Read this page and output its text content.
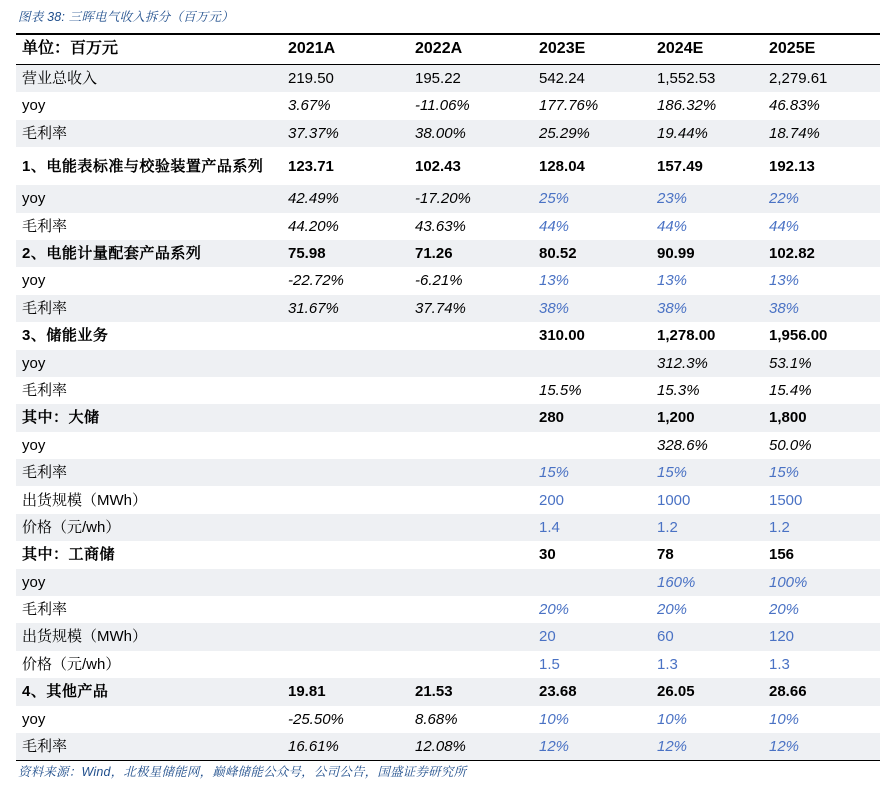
图表 38: 三晖电气收入拆分（百万元）
单位：百万元	2021A	2022A	2023E	2024E	2025E
营业总收入	219.50	195.22	542.24	1,552.53	2,279.61
yoy	3.67%	-11.06%	177.76%	186.32%	46.83%
毛利率	37.37%	38.00%	25.29%	19.44%	18.74%
1、电能表标准与校验装置产品系列	123.71	102.43	128.04	157.49	192.13
yoy	42.49%	-17.20%	25%	23%	22%
毛利率	44.20%	43.63%	44%	44%	44%
2、电能计量配套产品系列	75.98	71.26	80.52	90.99	102.82
yoy	-22.72%	-6.21%	13%	13%	13%
毛利率	31.67%	37.74%	38%	38%	38%
3、储能业务			310.00	1,278.00	1,956.00
yoy				312.3%	53.1%
毛利率			15.5%	15.3%	15.4%
其中：大储			280	1,200	1,800
yoy				328.6%	50.0%
毛利率			15%	15%	15%
出货规模（MWh）			200	1000	1500
价格（元/wh）			1.4	1.2	1.2
其中：工商储			30	78	156
yoy				160%	100%
毛利率			20%	20%	20%
出货规模（MWh）			20	60	120
价格（元/wh）			1.5	1.3	1.3
4、其他产品	19.81	21.53	23.68	26.05	28.66
yoy	-25.50%	8.68%	10%	10%	10%
毛利率	16.61%	12.08%	12%	12%	12%
资料来源：Wind，北极星储能网，巅峰储能公众号，公司公告，国盛证券研究所
